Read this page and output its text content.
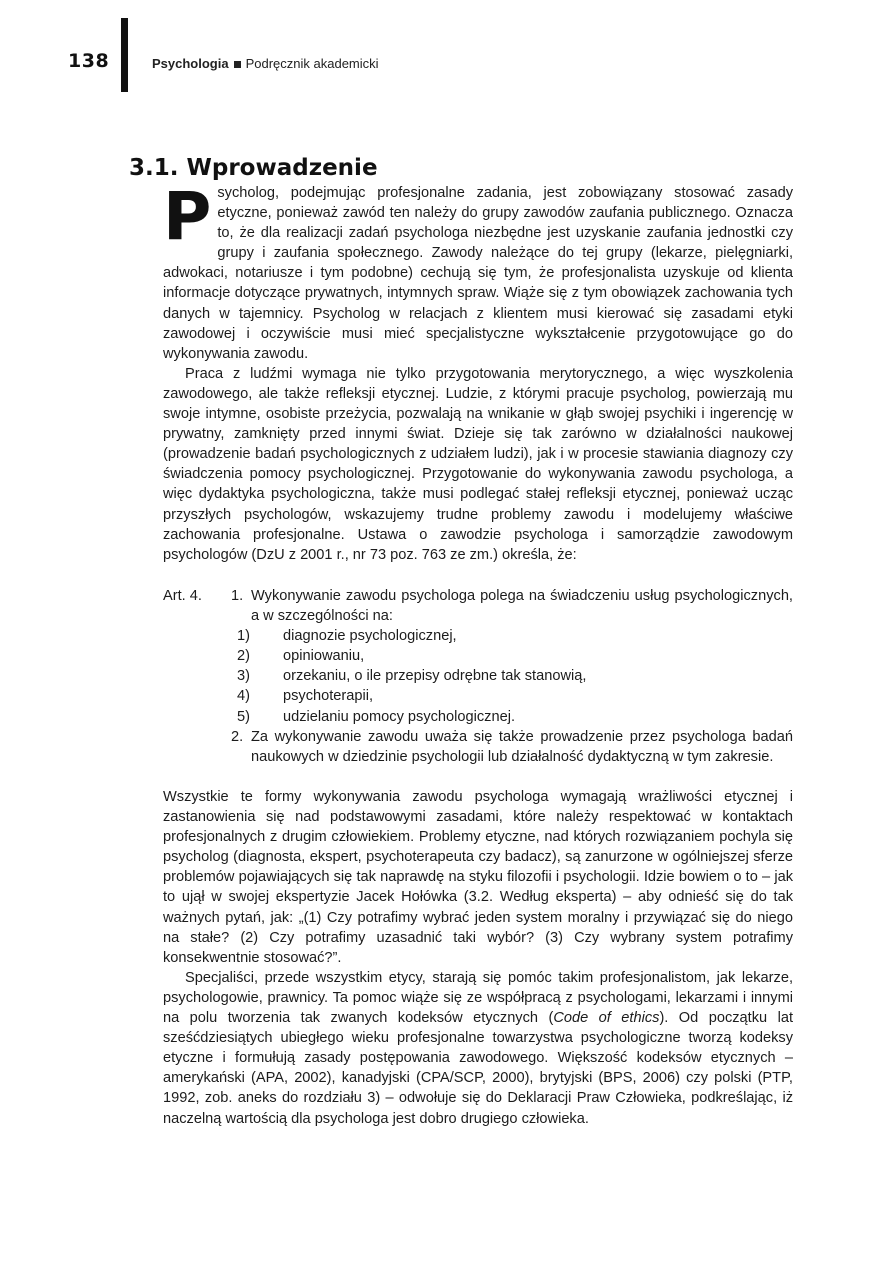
138	Psychologia Podręcznik akademicki
3.1. Wprowadzenie

Psycholog, podejmując profesjonalne zadania, jest zobowiązany stosować zasady etyczne, ponieważ zawód ten należy do grupy zawodów zaufania publicznego. Oznacza to, że dla realizacji zadań psychologa niezbędne jest uzyskanie zaufania jednostki czy grupy i zaufania społecznego. Zawody należące do tej grupy (lekarze, pielęgniarki, adwokaci, notariusze i tym podobne) cechują się tym, że profesjonalista uzyskuje od klienta informacje dotyczące prywatnych, intymnych spraw. Wiąże się z tym obowiązek zachowania tych danych w tajemnicy. Psycholog w relacjach z klientem musi kierować się zasadami etyki zawodowej i oczywiście musi mieć specjalistyczne wykształcenie przygotowujące go do wykonywania zawodu.

Praca z ludźmi wymaga nie tylko przygotowania merytorycznego, a więc wyszkolenia zawodowego, ale także refleksji etycznej. Ludzie, z którymi pracuje psycholog, powierzają mu swoje intymne, osobiste przeżycia, pozwalają na wnikanie w głąb swojej psychiki i ingerencję w prywatny, zamknięty przed innymi świat. Dzieje się tak zarówno w działalności naukowej (prowadzenie badań psychologicznych z udziałem ludzi), jak i w procesie stawiania diagnozy czy świadczenia pomocy psychologicznej. Przygotowanie do wykonywania zawodu psychologa, a więc dydaktyka psychologiczna, także musi podlegać stałej refleksji etycznej, ponieważ ucząc przyszłych psychologów, wskazujemy trudne problemy zawodu i modelujemy właściwe zachowania profesjonalne. Ustawa o zawodzie psychologa i samorządzie zawodowym psychologów (DzU z 2001 r., nr 73 poz. 763 ze zm.) określa, że:

Art. 4. 1. Wykonywanie zawodu psychologa polega na świadczeniu usług psychologicznych, a w szczególności na:
1) diagnozie psychologicznej,
2) opiniowaniu,
3) orzekaniu, o ile przepisy odrębne tak stanowią,
4) psychoterapii,
5) udzielaniu pomocy psychologicznej.
2. Za wykonywanie zawodu uważa się także prowadzenie przez psychologa badań naukowych w dziedzinie psychologii lub działalność dydaktyczną w tym zakresie.

Wszystkie te formy wykonywania zawodu psychologa wymagają wrażliwości etycznej i zastanowienia się nad podstawowymi zasadami, które należy respektować w kontaktach profesjonalnych z drugim człowiekiem. Problemy etyczne, nad których rozwiązaniem pochyla się psycholog (diagnosta, ekspert, psychoterapeuta czy badacz), są zanurzone w ogólniejszej sferze problemów pojawiających się tak naprawdę na styku filozofii i psychologii. Idzie bowiem o to – jak to ujął w swojej ekspertyzie Jacek Hołówka (3.2. Według eksperta) – aby odnieść się do tak ważnych pytań, jak: „(1) Czy potrafimy wybrać jeden system moralny i przywiązać się do niego na stałe? (2) Czy potrafimy uzasadnić taki wybór? (3) Czy wybrany system potrafimy konsekwentnie stosować?”.

Specjaliści, przede wszystkim etycy, starają się pomóc takim profesjonalistom, jak lekarze, psychologowie, prawnicy. Ta pomoc wiąże się ze współpracą z psychologami, lekarzami i innymi na polu tworzenia tak zwanych kodeksów etycznych (Code of ethics). Od początku lat sześćdziesiątych ubiegłego wieku profesjonalne towarzystwa psychologiczne tworzą kodeksy etyczne i formułują zasady postępowania zawodowego. Większość kodeksów etycznych – amerykański (APA, 2002), kanadyjski (CPA/SCP, 2000), brytyjski (BPS, 2006) czy polski (PTP, 1992, zob. aneks do rozdziału 3) – odwołuje się do Deklaracji Praw Człowieka, podkreślając, iż naczelną wartością dla psychologa jest dobro drugiego człowieka.
